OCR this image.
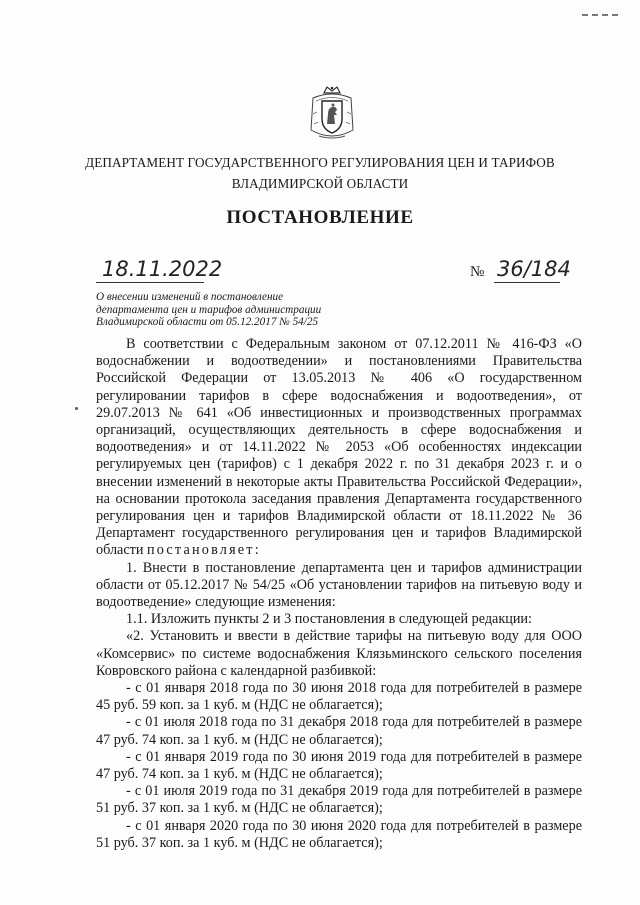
ДЕПАРТАМЕНТ ГОСУДАРСТВЕННОГО РЕГУЛИРОВАНИЯ ЦЕН И ТАРИФОВ
ВЛАДИМИРСКОЙ ОБЛАСТИ
ПОСТАНОВЛЕНИЕ
18.11.2022	№ 36/184
О внесении изменений в постановление
департамента цен и тарифов администрации
Владимирской области от 05.12.2017 № 54/25

В соответствии с Федеральным законом от 07.12.2011 № 416-ФЗ «О водоснабжении и водоотведении» и постановлениями Правительства Российской Федерации от 13.05.2013 № 406 «О государственном регулировании тарифов в сфере водоснабжения и водоотведения», от 29.07.2013 № 641 «Об инвестиционных и производственных программах организаций, осуществляющих деятельность в сфере водоснабжения и водоотведения» и от 14.11.2022 № 2053 «Об особенностях индексации регулируемых цен (тарифов) с 1 декабря 2022 г. по 31 декабря 2023 г. и о внесении изменений в некоторые акты Правительства Российской Федерации», на основании протокола заседания правления Департамента государственного регулирования цен и тарифов Владимирской области от 18.11.2022 № 36 Департамент государственного регулирования цен и тарифов Владимирской области постановляет:

1. Внести в постановление департамента цен и тарифов администрации области от 05.12.2017 № 54/25 «Об установлении тарифов на питьевую воду и водоотведение» следующие изменения:

1.1. Изложить пункты 2 и 3 постановления в следующей редакции:

«2. Установить и ввести в действие тарифы на питьевую воду для ООО «Комсервис» по системе водоснабжения Клязьминского сельского поселения Ковровского района с календарной разбивкой:

- с 01 января 2018 года по 30 июня 2018 года для потребителей в размере 45 руб. 59 коп. за 1 куб. м (НДС не облагается);

- с 01 июля 2018 года по 31 декабря 2018 года для потребителей в размере 47 руб. 74 коп. за 1 куб. м (НДС не облагается);

- с 01 января 2019 года по 30 июня 2019 года для потребителей в размере 47 руб. 74 коп. за 1 куб. м (НДС не облагается);

- с 01 июля 2019 года по 31 декабря 2019 года для потребителей в размере 51 руб. 37 коп. за 1 куб. м (НДС не облагается);

- с 01 января 2020 года по 30 июня 2020 года для потребителей в размере 51 руб. 37 коп. за 1 куб. м (НДС не облагается);
